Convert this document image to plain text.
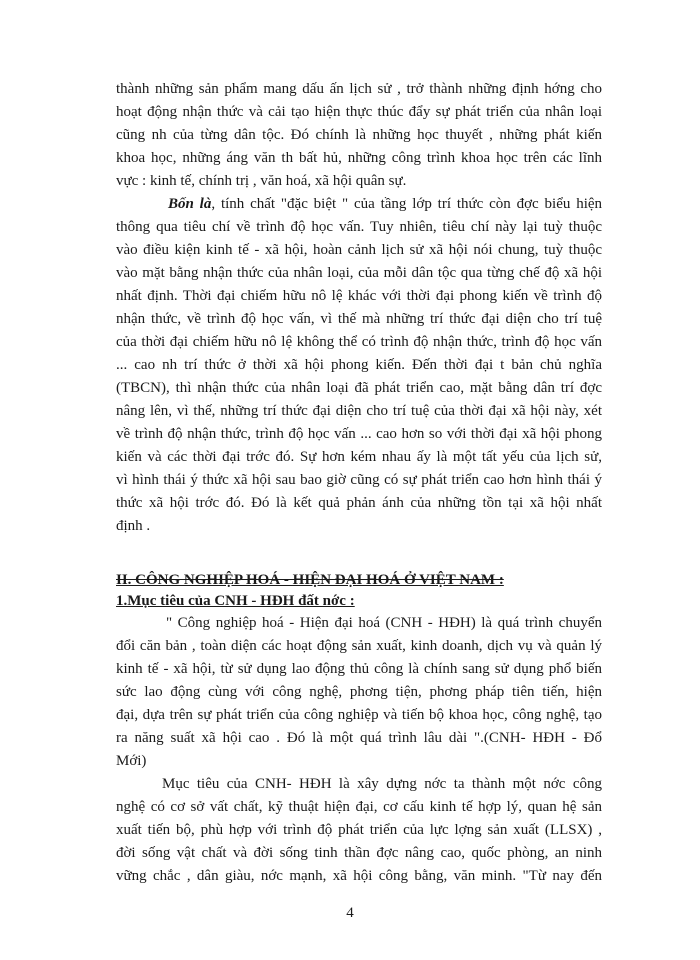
thành những sản phẩm mang dấu ấn lịch sử , trở thành những định hớng cho
hoạt động nhận thức và cải tạo hiện thực thúc đẩy sự phát triển của nhân loại
cũng nh của từng dân tộc. Đó chính là những học thuyết , những phát kiến
khoa học, những áng văn th bất hủ, những công trình khoa học trên các lĩnh
vực : kinh tế, chính trị , văn hoá, xã hội quân sự.
Bốn là, tính chất "đặc biệt " của tầng lớp trí thức còn đợc biểu hiện
thông qua tiêu chí về trình độ học vấn. Tuy nhiên, tiêu chí này lại tuỳ thuộc
vào điều kiện kinh tế - xã hội, hoàn cảnh lịch sử xã hội nói chung, tuỳ thuộc
vào mặt bằng nhận thức của nhân loại, của mỗi dân tộc qua từng chế độ xã hội
nhất định. Thời đại chiếm hữu nô lệ khác với thời đại phong kiến về trình độ
nhận thức, về trình độ học vấn, vì thế mà những trí thức đại diện cho trí tuệ
của thời đại chiếm hữu nô lệ không thể có trình độ nhận thức, trình độ học vấn
... cao nh trí thức ở thời xã hội phong kiến. Đến thời đại t bản chủ nghĩa
(TBCN), thì nhận thức của nhân loại đã phát triển cao, mặt bằng dân trí đợc
nâng lên, vì thế, những trí thức đại diện cho trí tuệ của thời đại xã hội này, xét
về trình độ nhận thức, trình độ học vấn ... cao hơn so với thời đại xã hội phong
kiến và các thời đại trớc đó. Sự hơn kém nhau ấy là một tất yếu của lịch sử,
vì hình thái ý thức xã hội sau bao giờ cũng có sự phát triển cao hơn hình thái ý
thức xã hội trớc đó. Đó là kết quả phản ánh của những tồn tại xã hội nhất
định .
II. CÔNG NGHIỆP HOÁ - HIỆN ĐẠI HOÁ Ở VIỆT NAM :
1.Mục tiêu của CNH - HĐH đất nớc :
" Công nghiệp hoá - Hiện đại hoá (CNH - HĐH) là quá trình chuyển
đổi căn bản , toàn diện các hoạt động sản xuất, kinh doanh, dịch vụ và quản lý
kinh tế - xã hội, từ sử dụng lao động thủ công là chính sang sử dụng phổ biến
sức lao động cùng với công nghệ, phơng tiện, phơng pháp tiên tiến, hiện
đại, dựa trên sự phát triển của công nghiệp và tiến bộ khoa học, công nghệ, tạo
ra năng suất xã hội cao . Đó là một quá trình lâu dài ".(CNH- HĐH - Đổ
Mới)
Mục tiêu của CNH- HĐH là xây dựng nớc ta thành một nớc công
nghệ có cơ sở vất chất, kỹ thuật hiện đại, cơ cấu kinh tế hợp lý, quan hệ sản
xuất tiến bộ, phù hợp với trình độ phát triển của lực lợng sản xuất (LLSX) ,
đời sống vật chất và đời sống tinh thần đợc nâng cao, quốc phòng, an ninh
vững chắc , dân giàu, nớc mạnh, xã hội công bằng, văn minh. "Từ nay đến
4
